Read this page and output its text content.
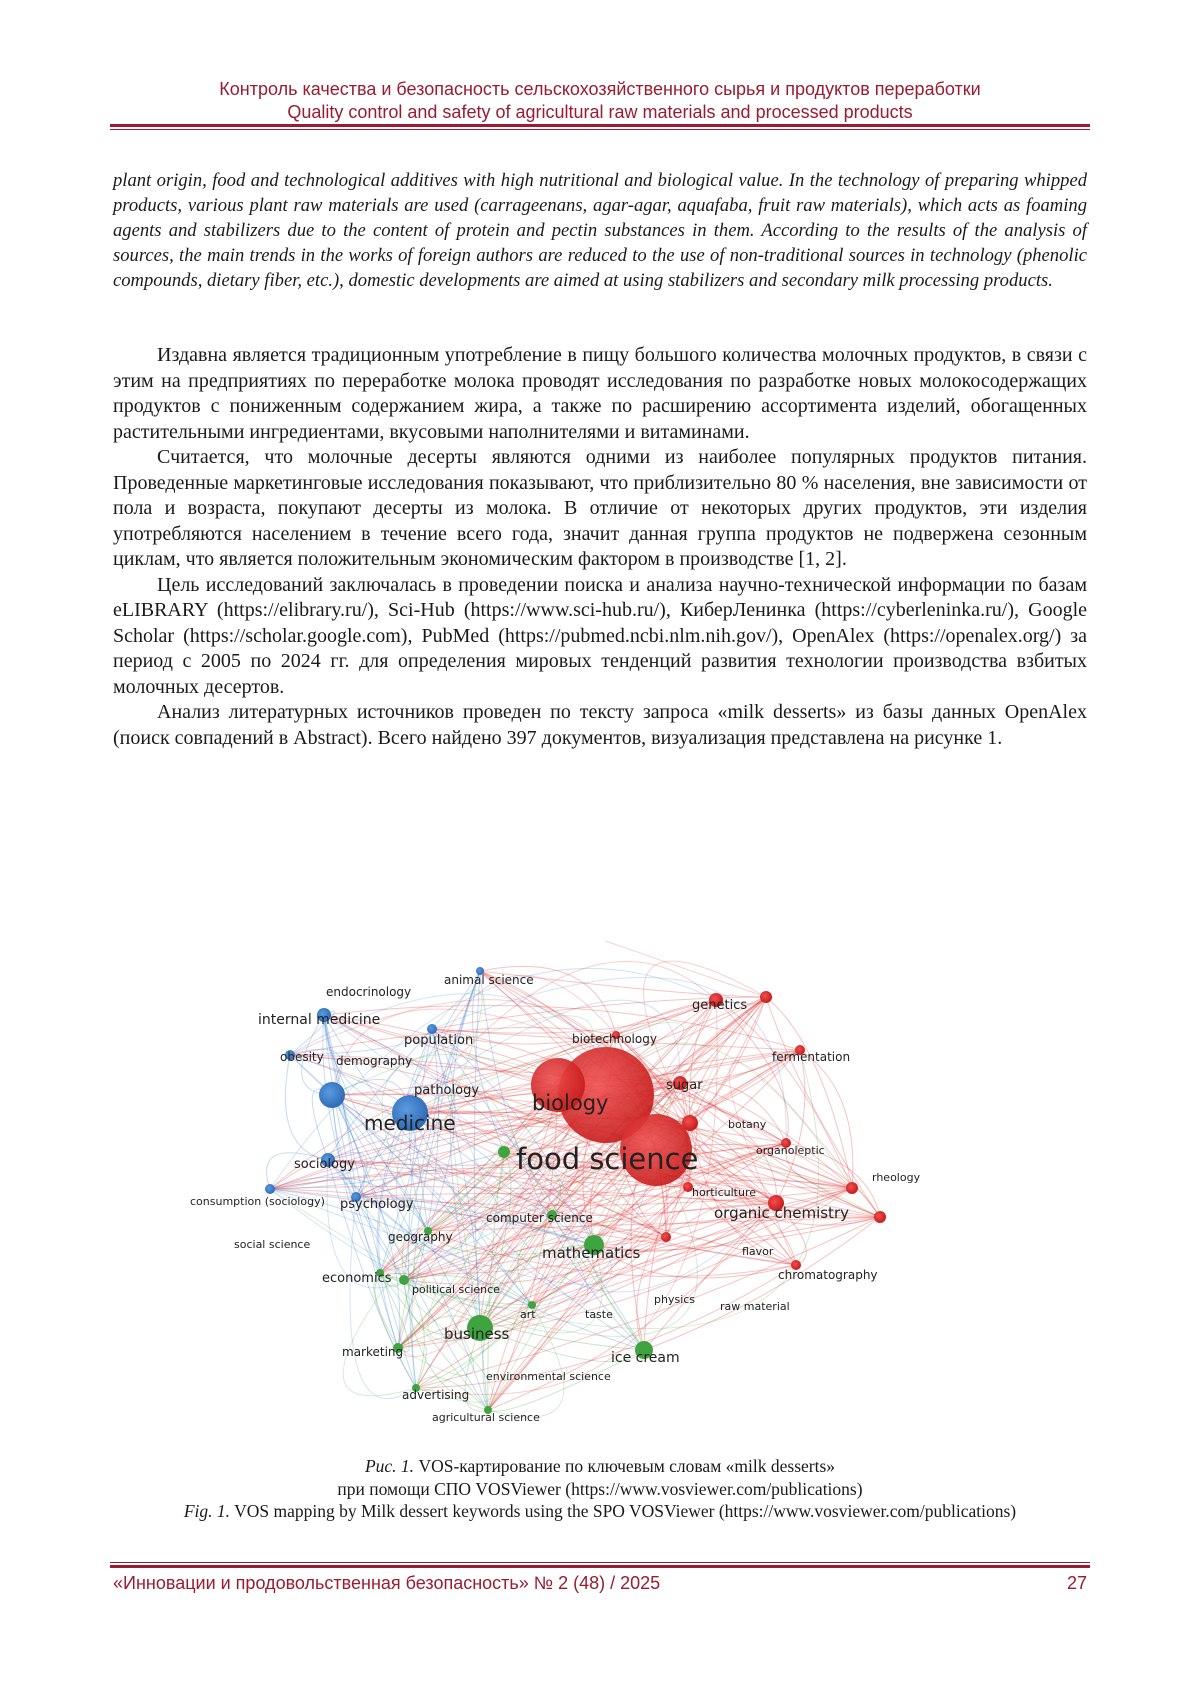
Контроль качества и безопасность сельскохозяйственного сырья и продуктов переработки
Quality control and safety of agricultural raw materials and processed products
plant origin, food and technological additives with high nutritional and biological value. In the technology of preparing whipped products, various plant raw materials are used (carrageenans, agar-agar, aquafaba, fruit raw materials), which acts as foaming agents and stabilizers due to the content of protein and pectin substances in them. According to the results of the analysis of sources, the main trends in the works of foreign authors are reduced to the use of non-traditional sources in technology (phenolic compounds, dietary fiber, etc.), domestic developments are aimed at using stabilizers and secondary milk processing products.

Издавна является традиционным употребление в пищу большого количества молочных продуктов, в связи с этим на предприятиях по переработке молока проводят исследования по разработке новых молокосодержащих продуктов с пониженным содержанием жира, а также по расширению ассортимента изделий, обогащенных растительными ингредиентами, вкусовыми наполнителями и витаминами.

Считается, что молочные десерты являются одними из наиболее популярных продуктов питания. Проведенные маркетинговые исследования показывают, что приблизительно 80 % населения, вне зависимости от пола и возраста, покупают десерты из молока. В отличие от некоторых других продуктов, эти изделия употребляются населением в течение всего года, значит данная группа продуктов не подвержена сезонным циклам, что является положительным экономическим фактором в производстве [1, 2].

Цель исследований заключалась в проведении поиска и анализа научно-технической информации по базам eLIBRARY (https://elibrary.ru/), Sci-Hub (https://www.sci-hub.ru/), КиберЛенинка (https://cyberleninka.ru/), Google Scholar (https://scholar.google.com), PubMed (https://pubmed.ncbi.nlm.nih.gov/), OpenAlex (https://openalex.org/) за период с 2005 по 2024 гг. для определения мировых тенденций развития технологии производства взбитых молочных десертов.

Анализ литературных источников проведен по тексту запроса «milk desserts» из базы данных OpenAlex (поиск совпадений в Abstract). Всего найдено 397 документов, визуализация представлена на рисунке 1.

animal science
endocrinology
internal medicine
population
obesity demography
pathology
medicine
sociology
consumption (sociology) psychology
social science
geography
economics
political science
marketing
advertising
agricultural science
business
art	taste
environmental science
ice cream
computer science
mathematics
physics
food science
biology
biotechnology
genetics
fermentation
sugar
botany
organoleptic
rheology
horticulture
organic chemistry
flavor
chromatography
raw material
Рис. 1. VOS-картирование по ключевым словам «milk desserts»
при помощи СПО VOSViewer (https://www.vosviewer.com/publications)
Fig. 1. VOS mapping by Milk dessert keywords using the SPO VOSViewer (https://www.vosviewer.com/publications)
«Инновации и продовольственная безопасность» № 2 (48) / 2025	27
